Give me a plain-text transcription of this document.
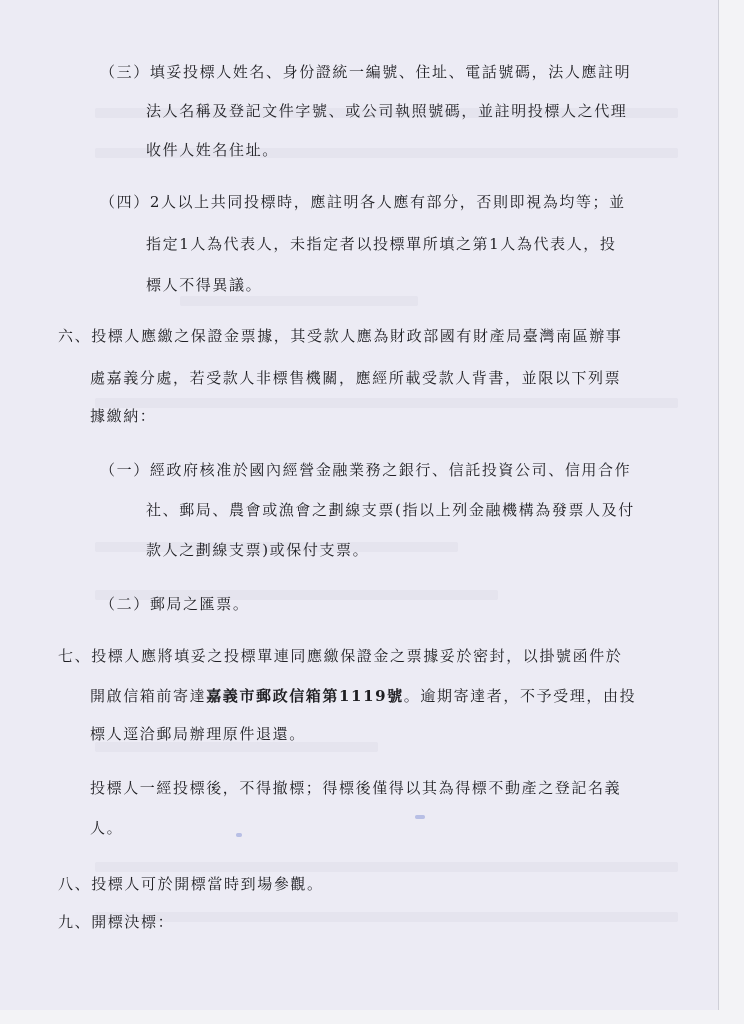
（三）填妥投標人姓名、身份證統一編號、住址、電話號碼，法人應註明
法人名稱及登記文件字號、或公司執照號碼，並註明投標人之代理
收件人姓名住址。
（四）2人以上共同投標時，應註明各人應有部分，否則即視為均等；並
指定1人為代表人，未指定者以投標單所填之第1人為代表人，投
標人不得異議。
六、投標人應繳之保證金票據，其受款人應為財政部國有財產局臺灣南區辦事
處嘉義分處，若受款人非標售機關，應經所載受款人背書，並限以下列票
據繳納：
（一）經政府核准於國內經營金融業務之銀行、信託投資公司、信用合作
社、郵局、農會或漁會之劃線支票(指以上列金融機構為發票人及付
款人之劃線支票)或保付支票。
（二）郵局之匯票。
七、投標人應將填妥之投標單連同應繳保證金之票據妥於密封，以掛號函件於
開啟信箱前寄達嘉義市郵政信箱第1119號。逾期寄達者，不予受理，由投
標人逕洽郵局辦理原件退還。
投標人一經投標後，不得撤標；得標後僅得以其為得標不動產之登記名義
人。
八、投標人可於開標當時到場參觀。
九、開標決標：
